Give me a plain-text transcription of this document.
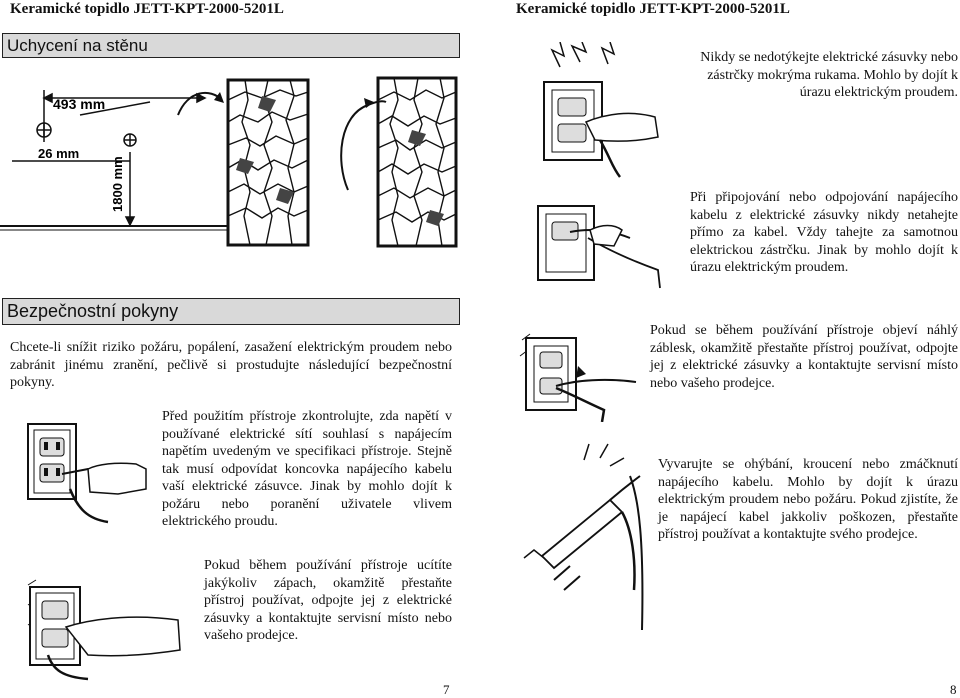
Keramické topidlo JETT-KPT-2000-5201L
Uchycení na stěnu
493 mm
26 mm
1800 mm
Bezpečnostní pokyny
Chcete-li snížit riziko požáru, popálení, zasažení elektrickým proudem nebo zabránit jinému zranění, pečlivě si prostudujte následující bezpečnostní pokyny.
Před použitím přístroje zkontrolujte, zda napětí v používané elektrické sítí souhlasí s napájecím napětím uvedeným ve specifikaci přístroje. Stejně tak musí odpovídat koncovka napájecího kabelu vaší elektrické zásuvce. Jinak by mohlo dojít k požáru nebo poranění uživatele vlivem elektrického proudu.
Pokud během používání přístroje ucítíte jakýkoliv zápach, okamžitě přestaňte přístroj používat, odpojte jej z elektrické zásuvky a kontaktujte servisní místo nebo vašeho prodejce.
7
Keramické topidlo JETT-KPT-2000-5201L
Nikdy se nedotýkejte elektrické zásuvky nebo zástrčky mokrýma rukama. Mohlo by dojít k úrazu elektrickým proudem.
Při připojování nebo odpojování napájecího kabelu z elektrické zásuvky nikdy netahejte přímo za kabel. Vždy tahejte za samotnou elektrickou zástrčku. Jinak by mohlo dojít k úrazu elektrickým proudem.
Pokud se během používání přístroje objeví náhlý záblesk, okamžitě přestaňte přístroj používat, odpojte jej z elektrické zásuvky a kontaktujte servisní místo nebo vašeho prodejce.
Vyvarujte se ohýbání, kroucení nebo zmáčknutí napájecího kabelu. Mohlo by dojít k úrazu elektrickým proudem nebo požáru. Pokud zjistíte, že je napájecí kabel jakkoliv poškozen, přestaňte přístroj používat a kontaktujte svého prodejce.
8
